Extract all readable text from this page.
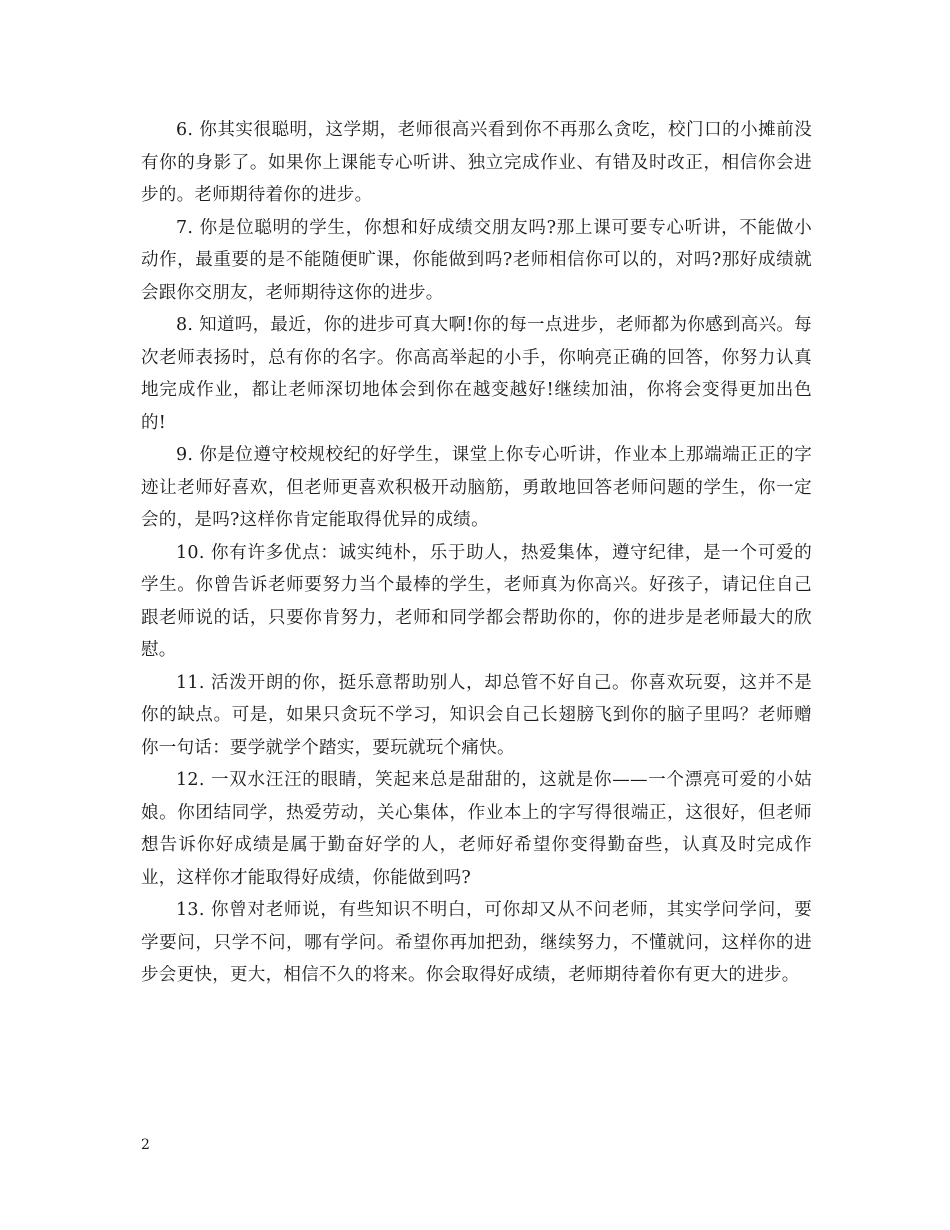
6. 你其实很聪明，这学期，老师很高兴看到你不再那么贪吃，校门口的小摊前没有你的身影了。如果你上课能专心听讲、独立完成作业、有错及时改正，相信你会进步的。老师期待着你的进步。

7. 你是位聪明的学生，你想和好成绩交朋友吗?那上课可要专心听讲，不能做小动作，最重要的是不能随便旷课，你能做到吗?老师相信你可以的，对吗?那好成绩就会跟你交朋友，老师期待这你的进步。

8. 知道吗，最近，你的进步可真大啊!你的每一点进步，老师都为你感到高兴。每次老师表扬时，总有你的名字。你高高举起的小手，你响亮正确的回答，你努力认真地完成作业，都让老师深切地体会到你在越变越好!继续加油，你将会变得更加出色的!

9. 你是位遵守校规校纪的好学生，课堂上你专心听讲，作业本上那端端正正的字迹让老师好喜欢，但老师更喜欢积极开动脑筋，勇敢地回答老师问题的学生，你一定会的，是吗?这样你肯定能取得优异的成绩。

10. 你有许多优点：诚实纯朴，乐于助人，热爱集体，遵守纪律，是一个可爱的学生。你曾告诉老师要努力当个最棒的学生，老师真为你高兴。好孩子，请记住自己跟老师说的话，只要你肯努力，老师和同学都会帮助你的，你的进步是老师最大的欣慰。

11. 活泼开朗的你，挺乐意帮助别人，却总管不好自己。你喜欢玩耍，这并不是你的缺点。可是，如果只贪玩不学习，知识会自己长翅膀飞到你的脑子里吗？老师赠你一句话：要学就学个踏实，要玩就玩个痛快。

12. 一双水汪汪的眼睛，笑起来总是甜甜的，这就是你——一个漂亮可爱的小姑娘。你团结同学，热爱劳动，关心集体，作业本上的字写得很端正，这很好，但老师想告诉你好成绩是属于勤奋好学的人，老师好希望你变得勤奋些，认真及时完成作业，这样你才能取得好成绩，你能做到吗?

13. 你曾对老师说，有些知识不明白，可你却又从不问老师，其实学问学问，要学要问，只学不问，哪有学问。希望你再加把劲，继续努力，不懂就问，这样你的进步会更快，更大，相信不久的将来。你会取得好成绩，老师期待着你有更大的进步。

2
